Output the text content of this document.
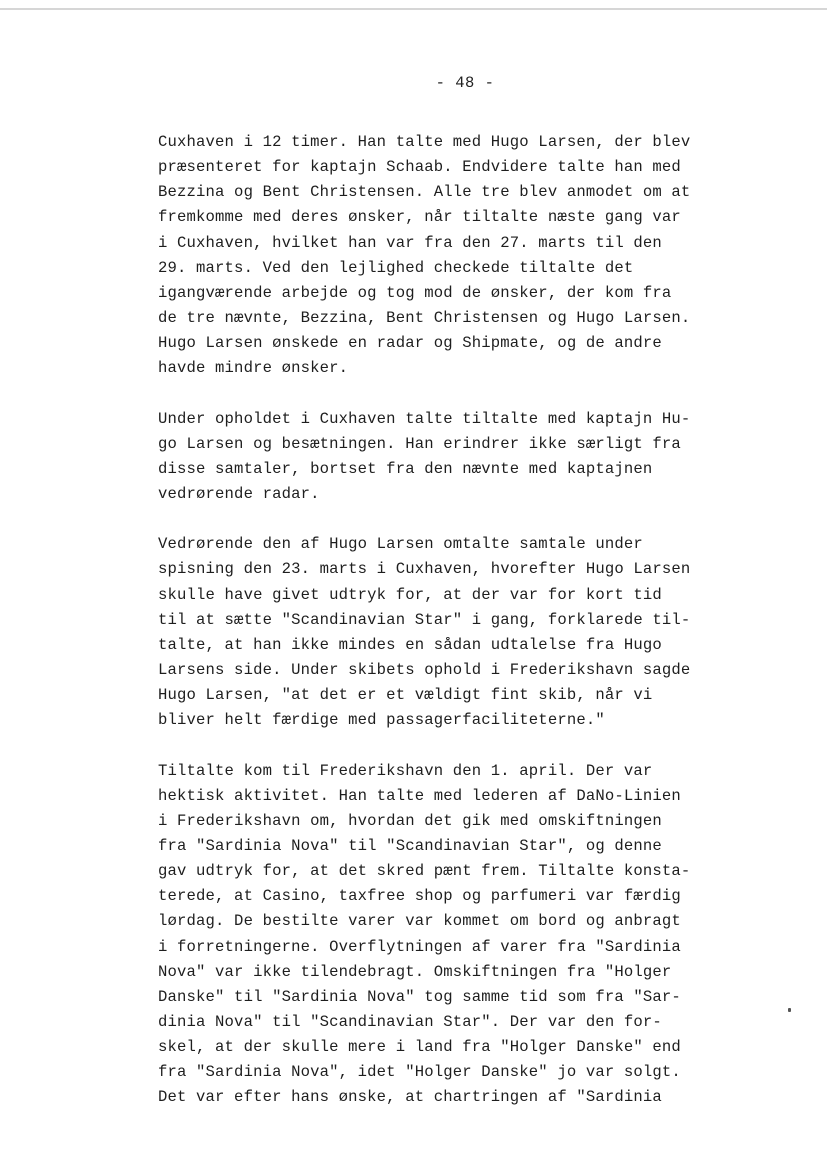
- 48 -
Cuxhaven i 12 timer. Han talte med Hugo Larsen, der blev
præsenteret for kaptajn Schaab. Endvidere talte han med
Bezzina og Bent Christensen. Alle tre blev anmodet om at
fremkomme med deres ønsker, når tiltalte næste gang var
i Cuxhaven, hvilket han var fra den 27. marts til den
29. marts. Ved den lejlighed checkede tiltalte det
igangværende arbejde og tog mod de ønsker, der kom fra
de tre nævnte, Bezzina, Bent Christensen og Hugo Larsen.
Hugo Larsen ønskede en radar og Shipmate, og de andre
havde mindre ønsker.
Under opholdet i Cuxhaven talte tiltalte med kaptajn Hu-
go Larsen og besætningen. Han erindrer ikke særligt fra
disse samtaler, bortset fra den nævnte med kaptajnen
vedrørende radar.
Vedrørende den af Hugo Larsen omtalte samtale under
spisning den 23. marts i Cuxhaven, hvorefter Hugo Larsen
skulle have givet udtryk for, at der var for kort tid
til at sætte "Scandinavian Star" i gang, forklarede til-
talte, at han ikke mindes en sådan udtalelse fra Hugo
Larsens side. Under skibets ophold i Frederikshavn sagde
Hugo Larsen, "at det er et vældigt fint skib, når vi
bliver helt færdige med passagerfaciliteterne."
Tiltalte kom til Frederikshavn den 1. april. Der var
hektisk aktivitet. Han talte med lederen af DaNo-Linien
i Frederikshavn om, hvordan det gik med omskiftningen
fra "Sardinia Nova" til "Scandinavian Star", og denne
gav udtryk for, at det skred pænt frem. Tiltalte konsta-
terede, at Casino, taxfree shop og parfumeri var færdig
lørdag. De bestilte varer var kommet om bord og anbragt
i forretningerne. Overflytningen af varer fra "Sardinia
Nova" var ikke tilendebragt. Omskiftningen fra "Holger
Danske" til "Sardinia Nova" tog samme tid som fra "Sar-
dinia Nova" til "Scandinavian Star". Der var den for-
skel, at der skulle mere i land fra "Holger Danske" end
fra "Sardinia Nova", idet "Holger Danske" jo var solgt.
Det var efter hans ønske, at chartringen af "Sardinia
